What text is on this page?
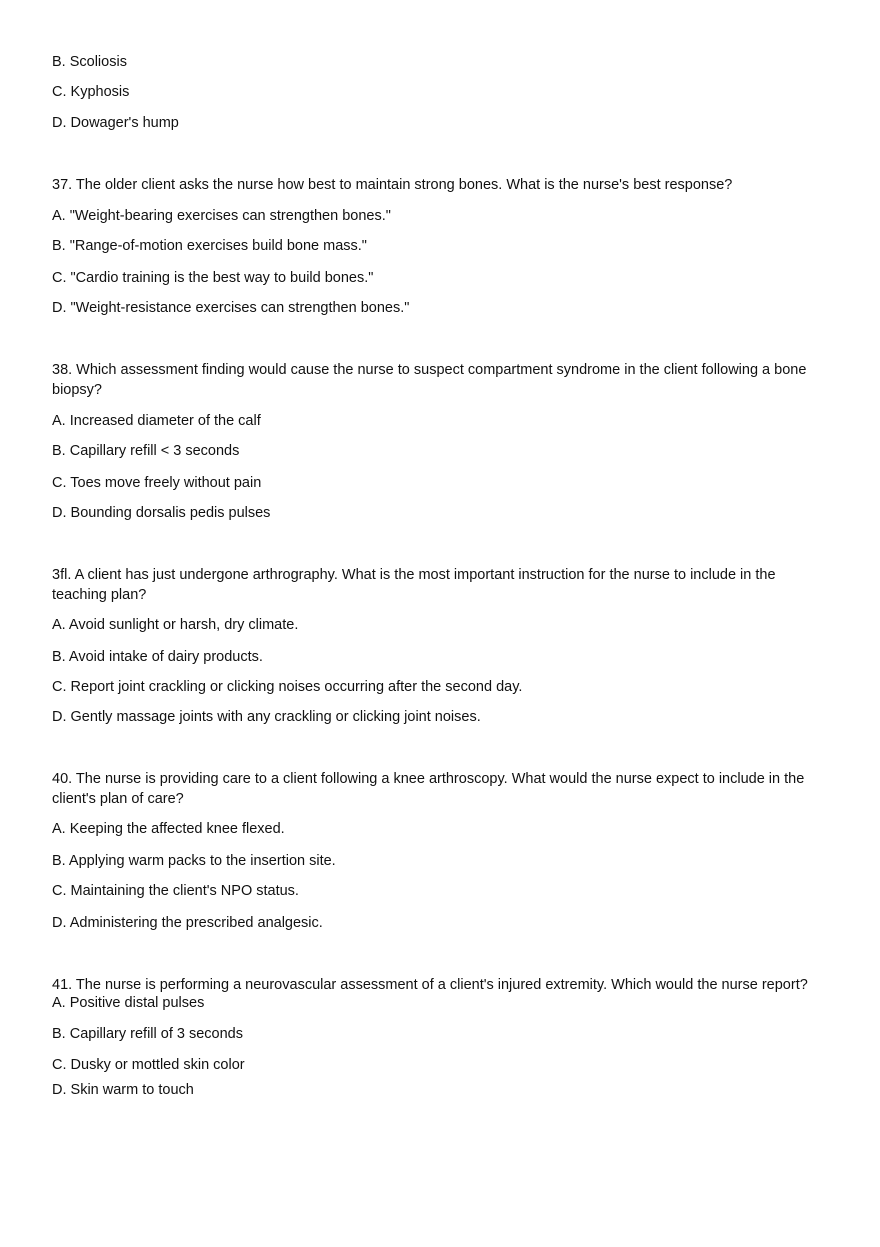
B. Scoliosis
C. Kyphosis
D. Dowager's hump
37. The older client asks the nurse how best to maintain strong bones. What is the nurse's best response?
A. "Weight-bearing exercises can strengthen bones."
B. "Range-of-motion exercises build bone mass."
C. "Cardio training is the best way to build bones."
D. "Weight-resistance exercises can strengthen bones."
38. Which assessment finding would cause the nurse to suspect compartment syndrome in the client following a bone biopsy?
A. Increased diameter of the calf
B. Capillary refill < 3 seconds
C. Toes move freely without pain
D. Bounding dorsalis pedis pulses
3fl. A client has just undergone arthrography. What is the most important instruction for the nurse to include in the teaching plan?
A. Avoid sunlight or harsh, dry climate.
B. Avoid intake of dairy products.
C. Report joint crackling or clicking noises occurring after the second day.
D. Gently massage joints with any crackling or clicking joint noises.
40. The nurse is providing care to a client following a knee arthroscopy. What would the nurse expect to include in the client's plan of care?
A. Keeping the affected knee flexed.
B. Applying warm packs to the insertion site.
C. Maintaining the client's NPO status.
D. Administering the prescribed analgesic.
41. The nurse is performing a neurovascular assessment of a client's injured extremity. Which would the nurse report?
A. Positive distal pulses
B. Capillary refill of 3 seconds
C. Dusky or mottled skin color
D. Skin warm to touch
